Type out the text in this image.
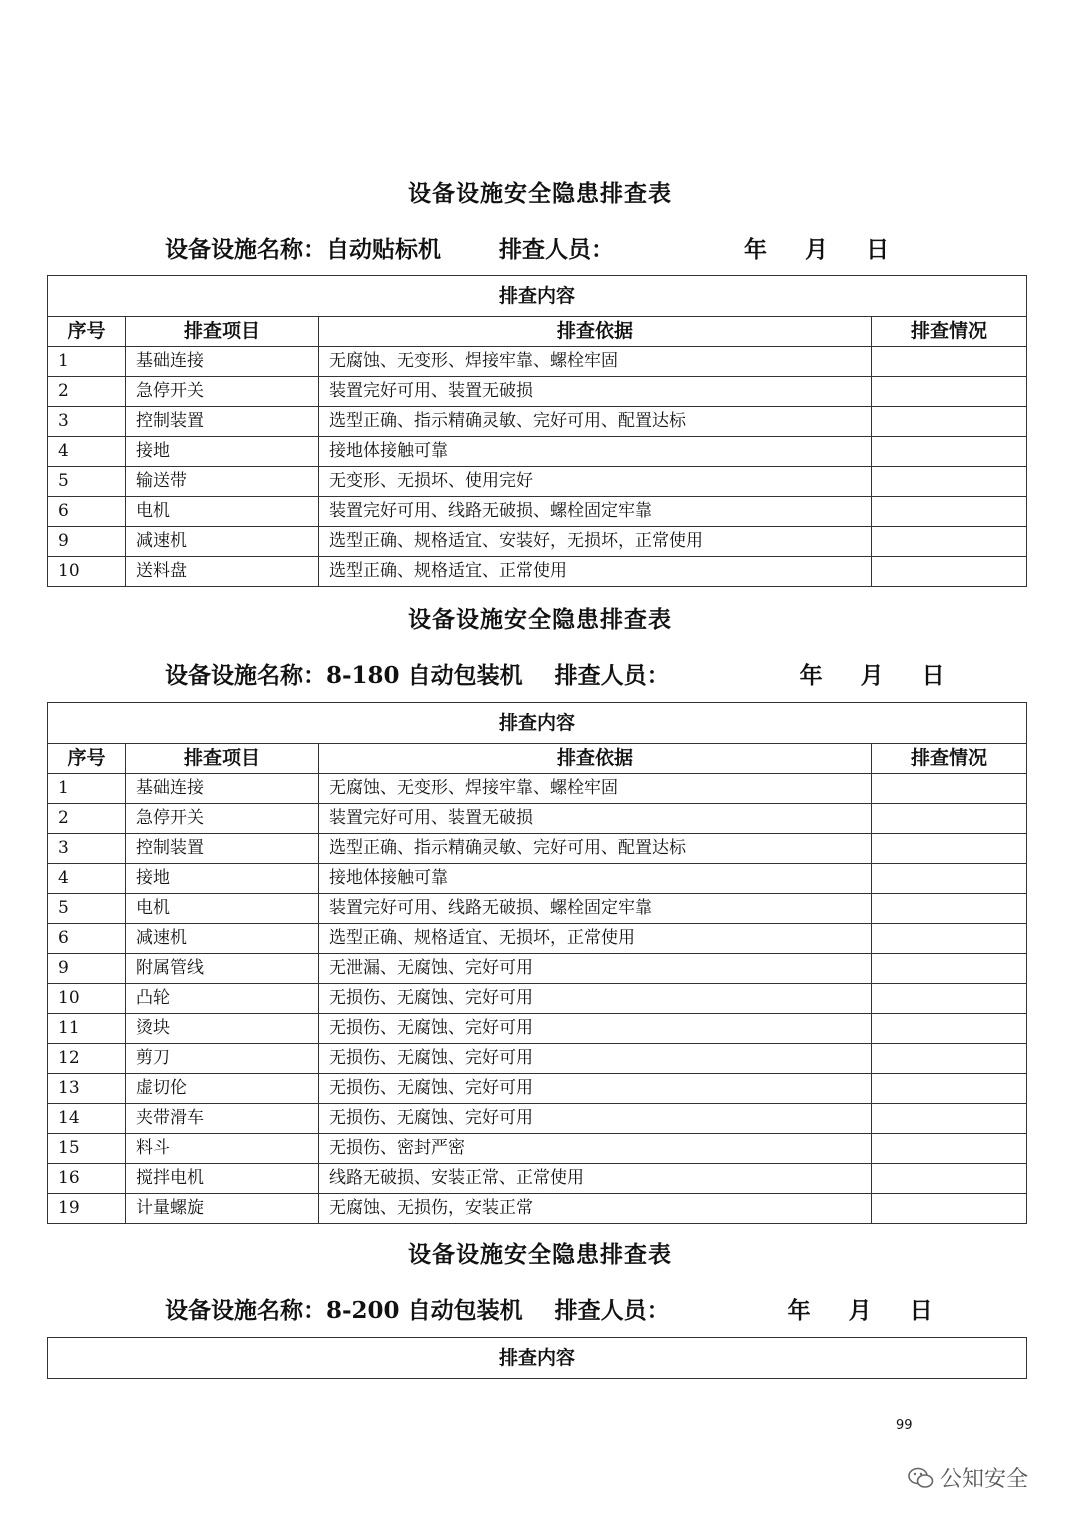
设备设施安全隐患排查表
设备设施名称：自动贴标机	排查人员：	年 月 日
排查内容			
序号	排查项目	排查依据	排查情况
1	基础连接	无腐蚀、无变形、焊接牢靠、螺栓牢固	
2	急停开关	装置完好可用、装置无破损	
3	控制装置	选型正确、指示精确灵敏、完好可用、配置达标	
4	接地	接地体接触可靠	
5	输送带	无变形、无损坏、使用完好	
6	电机	装置完好可用、线路无破损、螺栓固定牢靠	
9	减速机	选型正确、规格适宜、安装好，无损坏，正常使用	
10	送料盘	选型正确、规格适宜、正常使用	
设备设施安全隐患排查表
设备设施名称：8-180 自动包装机 排查人员：	年 月 日
排查内容			
序号	排查项目	排查依据	排查情况
1	基础连接	无腐蚀、无变形、焊接牢靠、螺栓牢固	
2	急停开关	装置完好可用、装置无破损	
3	控制装置	选型正确、指示精确灵敏、完好可用、配置达标	
4	接地	接地体接触可靠	
5	电机	装置完好可用、线路无破损、螺栓固定牢靠	
6	减速机	选型正确、规格适宜、无损坏，正常使用	
9	附属管线	无泄漏、无腐蚀、完好可用	
10	凸轮	无损伤、无腐蚀、完好可用	
11	烫块	无损伤、无腐蚀、完好可用	
12	剪刀	无损伤、无腐蚀、完好可用	
13	虚切伦	无损伤、无腐蚀、完好可用	
14	夹带滑车	无损伤、无腐蚀、完好可用	
15	料斗	无损伤、密封严密	
16	搅拌电机	线路无破损、安装正常、正常使用	
19	计量螺旋	无腐蚀、无损伤，安装正常	
设备设施安全隐患排查表
设备设施名称：8-200 自动包装机 排查人员：	年 月 日
排查内容
99
公知安全
